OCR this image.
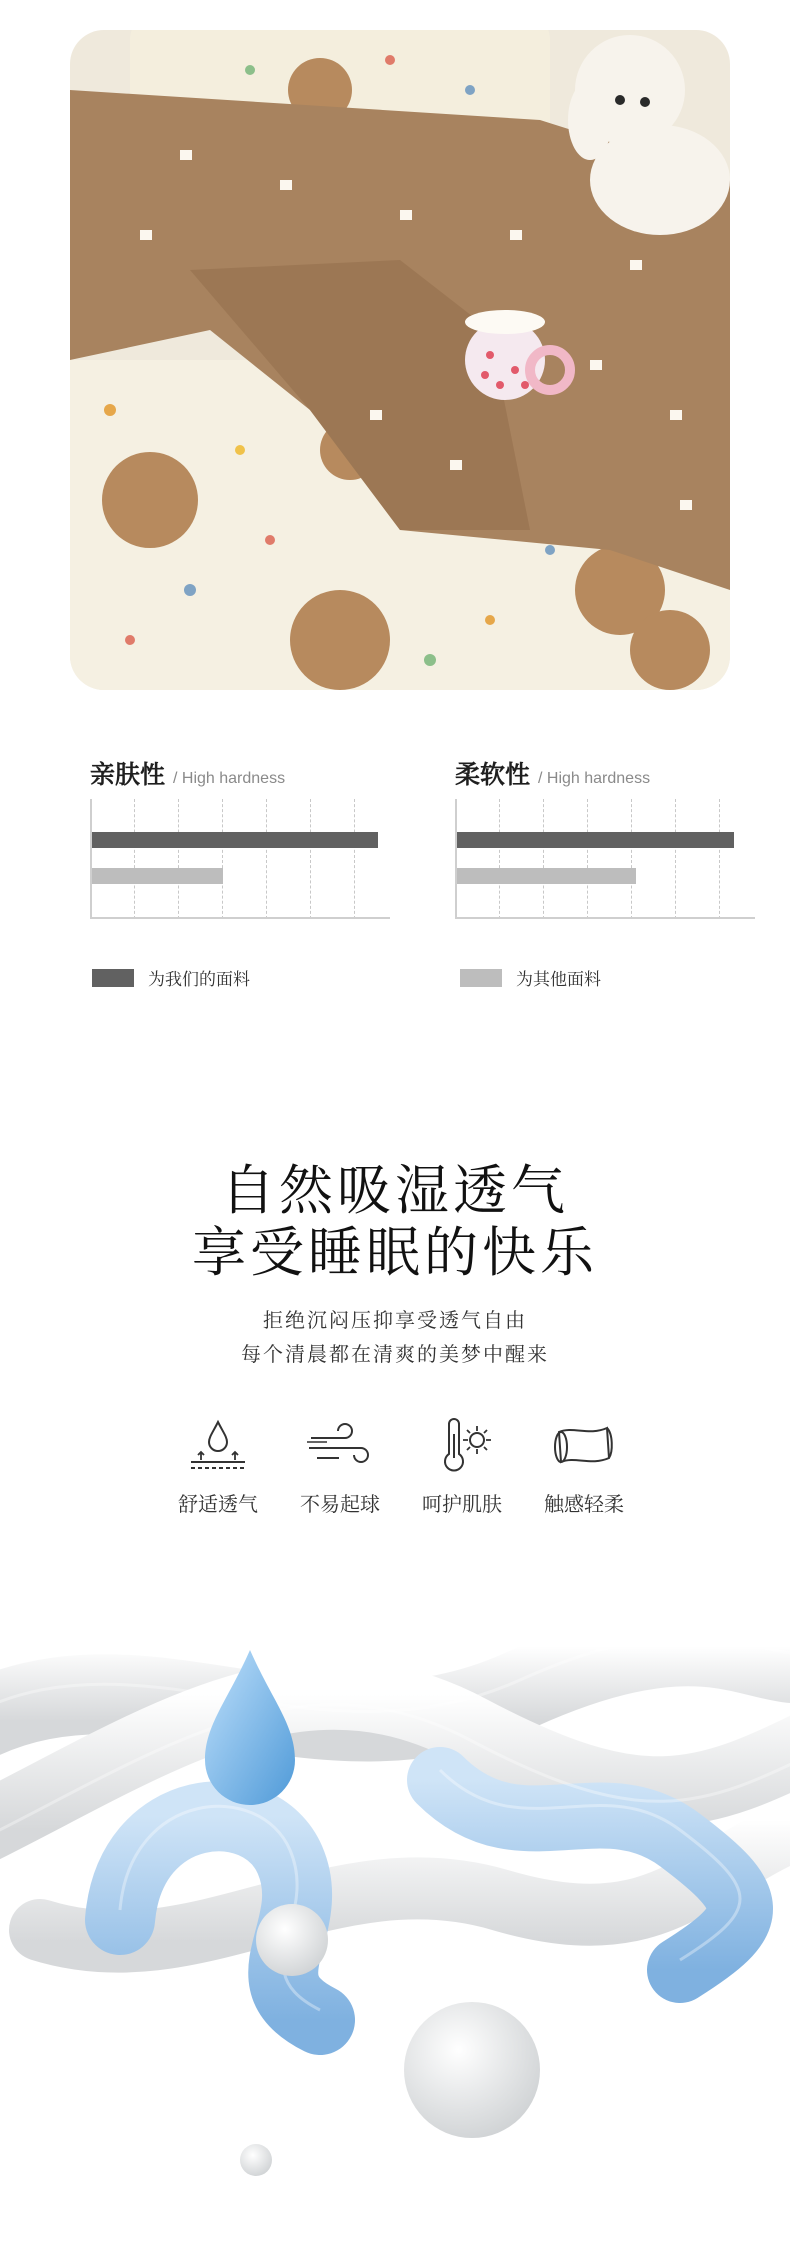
亲肤性 / High hardness	柔软性 / High hardness
为我们的面料	为其他面料
自然吸湿透气
享受睡眠的快乐
拒绝沉闷压抑享受透气自由
每个清晨都在清爽的美梦中醒来
舒适透气	不易起球	呵护肌肤	触感轻柔
